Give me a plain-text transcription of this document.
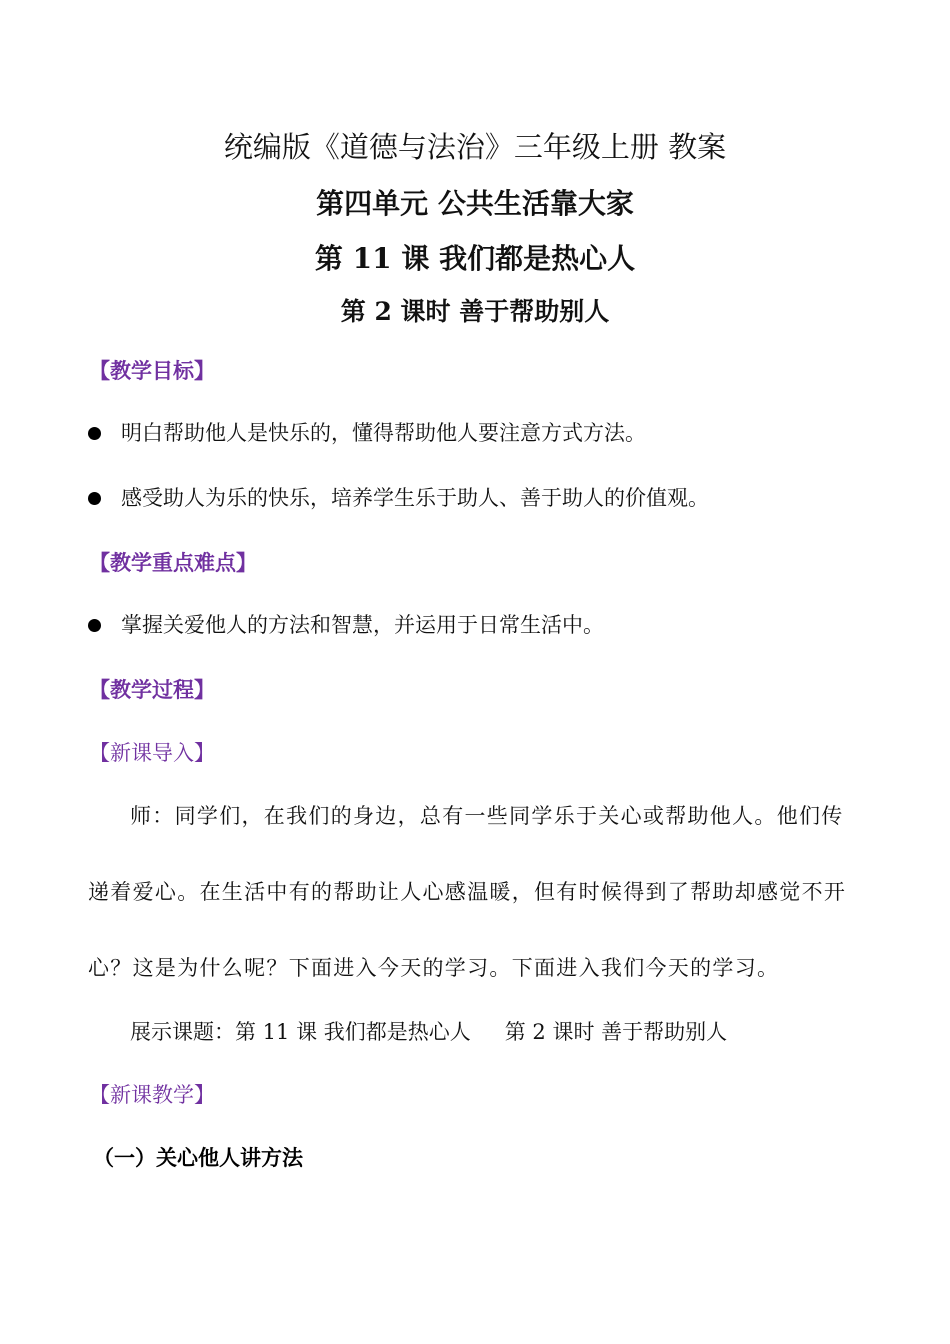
统编版《道德与法治》三年级上册 教案
第四单元 公共生活靠大家
第 11 课 我们都是热心人
第 2 课时 善于帮助别人
【教学目标】
明白帮助他人是快乐的，懂得帮助他人要注意方式方法。
感受助人为乐的快乐，培养学生乐于助人、善于助人的价值观。
【教学重点难点】
掌握关爱他人的方法和智慧，并运用于日常生活中。
【教学过程】
【新课导入】
师：同学们，在我们的身边，总有一些同学乐于关心或帮助他人。他们传
递着爱心。在生活中有的帮助让人心感温暖，但有时候得到了帮助却感觉不开
心？这是为什么呢？下面进入今天的学习。下面进入我们今天的学习。
展示课题：第 11 课 我们都是热心人 第 2 课时 善于帮助别人
【新课教学】
（一）关心他人讲方法
